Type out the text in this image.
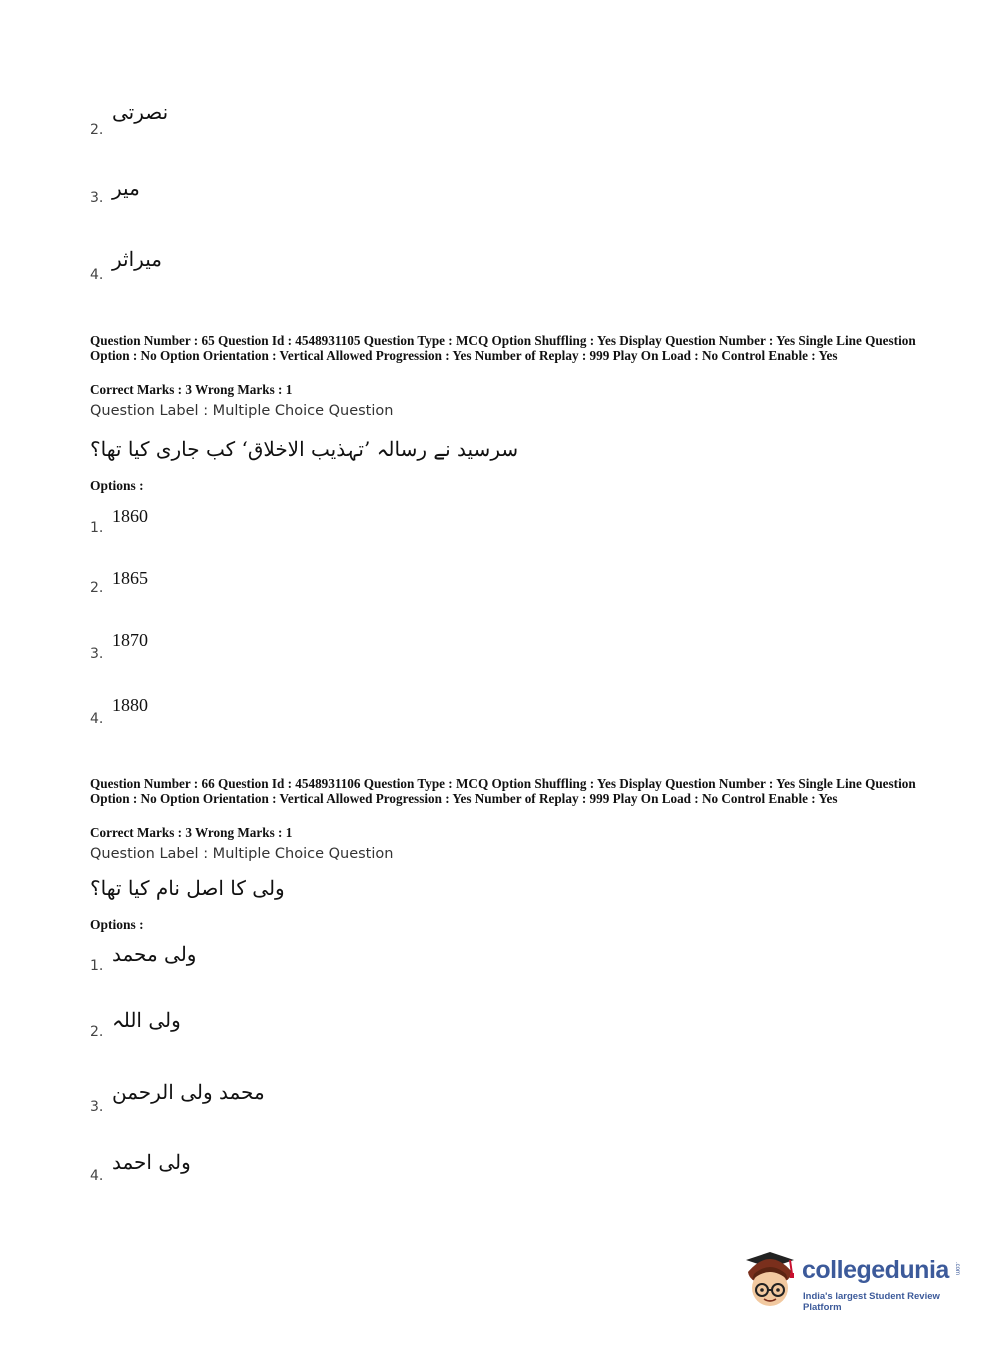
2.
نصرتی
3. میر
4.
میراثر
Question Number : 65 Question Id : 4548931105 Question Type : MCQ Option Shuffling : Yes Display Question Number : Yes Single Line Question Option : No Option Orientation : Vertical Allowed Progression : Yes Number of Replay : 999 Play On Load : No Control Enable : Yes
Correct Marks : 3 Wrong Marks : 1
Question Label : Multiple Choice Question
سرسید نے رسالہ ’تہذیب الاخلاق‘ کب جاری کیا تھا؟
Options :
1.
1860
2. 1865
3.
1870
4.
1880
Question Number : 66 Question Id : 4548931106 Question Type : MCQ Option Shuffling : Yes Display Question Number : Yes Single Line Question Option : No Option Orientation : Vertical Allowed Progression : Yes Number of Replay : 999 Play On Load : No Control Enable : Yes
Correct Marks : 3 Wrong Marks : 1
Question Label : Multiple Choice Question
ولی کا اصل نام کیا تھا؟
Options :
1. ولی محمد
2. ولی اللہ
3.
محمد ولی الرحمن
4.
ولی احمد
collegedunia .com
India's largest Student Review Platform
